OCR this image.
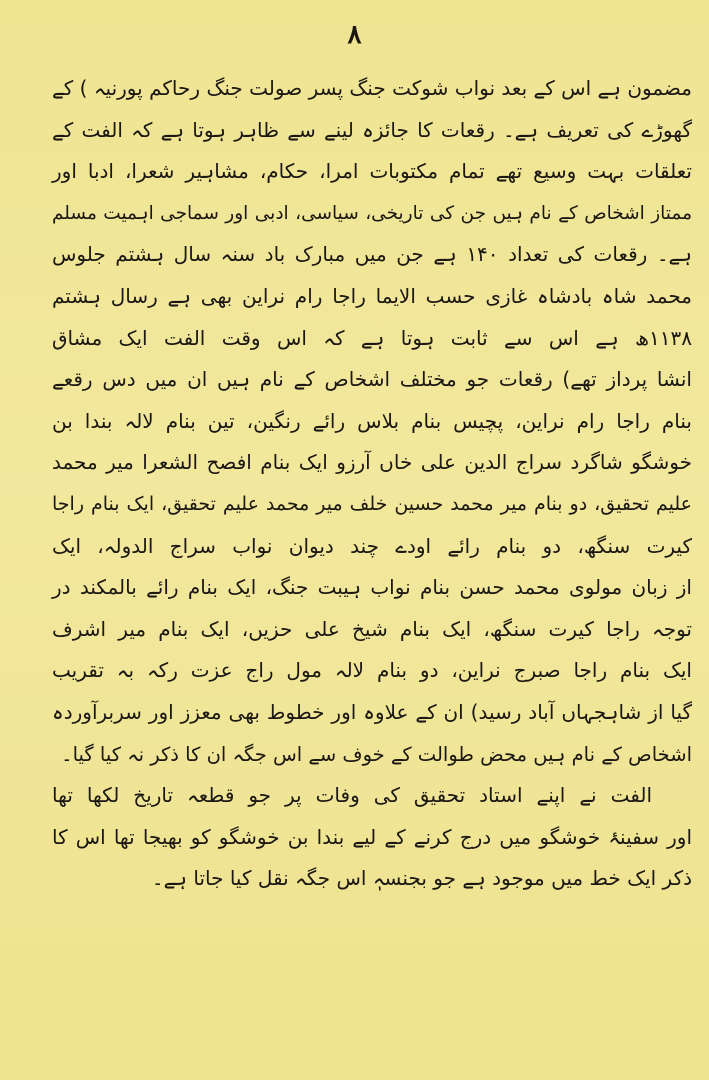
۸
مضمون ہے اس کے بعد نواب شوکت جنگ پسر صولت جنگ رحاکم پورنیہ ) کے
گھوڑے کی تعریف ہے۔ رقعات کا جائزہ لینے سے ظاہر ہوتا ہے کہ الفت کے
تعلقات بہت وسیع تھے تمام مکتوبات امرا، حکام، مشاہیر شعرا، ادبا اور
ممتاز اشخاص کے نام ہیں جن کی تاریخی، سیاسی، ادبی اور سماجی اہمیت مسلم
ہے۔ رقعات کی تعداد ۱۴۰ ہے جن میں مبارک باد سنہ سال ہشتم جلوس
محمد شاہ بادشاہ غازی حسب الایما راجا رام نراین بھی ہے رسال ہشتم
۱۱۳۸ھ ہے اس سے ثابت ہوتا ہے کہ اس وقت الفت ایک مشاق
انشا پرداز تھے) رقعات جو مختلف اشخاص کے نام ہیں ان میں دس رقعے
بنام راجا رام نراین، پچیس بنام بلاس رائے رنگین، تین بنام لالہ بندا بن
خوشگو شاگرد سراج الدین علی خاں آرزو ایک بنام افصح الشعرا میر محمد
علیم تحقیق، دو بنام میر محمد حسین خلف میر محمد علیم تحقیق، ایک بنام راجا
کیرت سنگھ، دو بنام رائے اودے چند دیوان نواب سراج الدولہ، ایک
از زبان مولوی محمد حسن بنام نواب ہیبت جنگ، ایک بنام رائے بالمکند در
توجہ راجا کیرت سنگھ، ایک بنام شیخ علی حزیں، ایک بنام میر اشرف
ایک بنام راجا صبرج نراین، دو بنام لالہ مول راج عزت رکہ بہ تقریب
گیا از شاہجہاں آباد رسید) ان کے علاوہ اور خطوط بھی معزز اور سربرآوردہ
اشخاص کے نام ہیں محض طوالت کے خوف سے اس جگہ ان کا ذکر نہ کیا گیا۔
الفت نے اپنے استاد تحقیق کی وفات پر جو قطعہ تاریخ لکھا تھا
اور سفینۂ خوشگو میں درج کرنے کے لیے بندا بن خوشگو کو بھیجا تھا اس کا
ذکر ایک خط میں موجود ہے جو بجنسہٖ اس جگہ نقل کیا جاتا ہے۔
